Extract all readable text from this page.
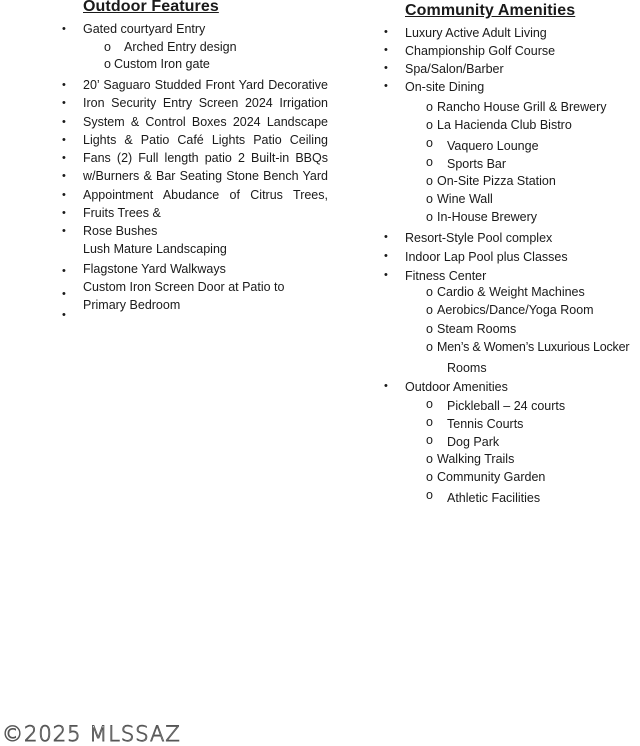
Outdoor Features
• Gated courtyard Entry
o Arched Entry design
o Custom Iron gate
•
•
•
•
•
•
•
•
•
20’ Saguaro Studded Front Yard Decorative
Iron Security Entry Screen 2024 Irrigation
System & Control Boxes 2024 Landscape
Lights & Patio Café Lights Patio Ceiling
Fans (2) Full length patio 2 Built-in BBQs
w/Burners & Bar Seating Stone Bench Yard
Appointment Abudance of Citrus Trees,
Fruits Trees &
Rose Bushes
Lush Mature Landscaping
• Flagstone Yard Walkways
• Custom Iron Screen Door at Patio to
Primary Bedroom
•
Community Amenities
• Luxury Active Adult Living
• Championship Golf Course
• Spa/Salon/Barber
• On-site Dining
o Rancho House Grill & Brewery
o La Hacienda Club Bistro
o Vaquero Lounge
o Sports Bar
o On-Site Pizza Station
o Wine Wall
o In-House Brewery
• Resort-Style Pool complex
• Indoor Lap Pool plus Classes
• Fitness Center
o Cardio & Weight Machines
o Aerobics/Dance/Yoga Room
o Steam Rooms
o Men’s & Women’s Luxurious Locker
Rooms
• Outdoor Amenities
o Pickleball – 24 courts
o Tennis Courts
o Dog Park
o Walking Trails
o Community Garden
o Athletic Facilities
©2025 MLSSAZ
